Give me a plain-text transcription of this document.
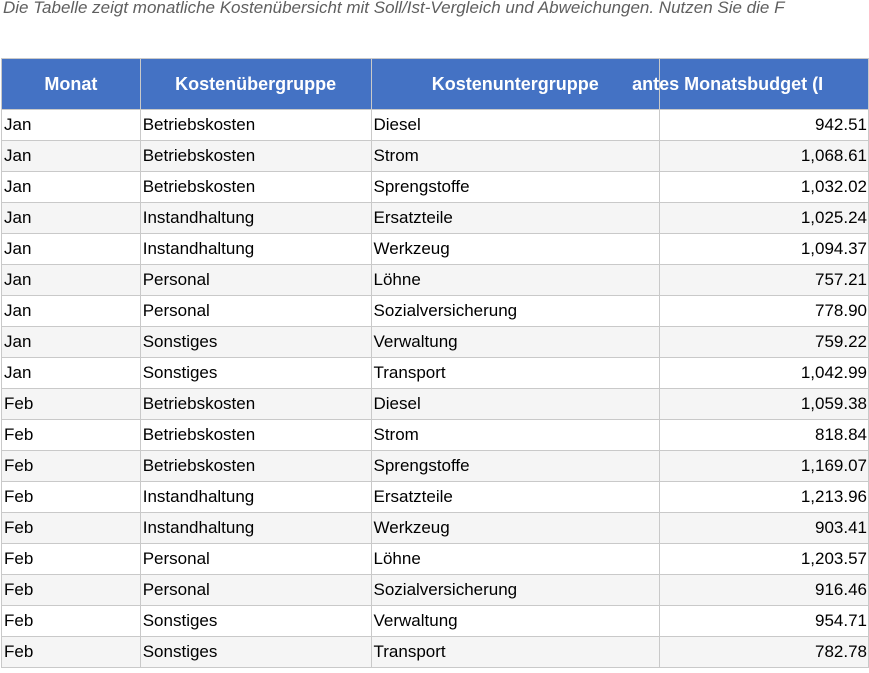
Die Tabelle zeigt monatliche Kostenübersicht mit Soll/Ist-Vergleich und Abweichungen. Nutzen Sie die F
Monat	Kostenübergruppe	Kostenuntergruppe	antes Monatsbudget (I
Jan	Betriebskosten	Diesel	942.51
Jan	Betriebskosten	Strom	1,068.61
Jan	Betriebskosten	Sprengstoffe	1,032.02
Jan	Instandhaltung	Ersatzteile	1,025.24
Jan	Instandhaltung	Werkzeug	1,094.37
Jan	Personal	Löhne	757.21
Jan	Personal	Sozialversicherung	778.90
Jan	Sonstiges	Verwaltung	759.22
Jan	Sonstiges	Transport	1,042.99
Feb	Betriebskosten	Diesel	1,059.38
Feb	Betriebskosten	Strom	818.84
Feb	Betriebskosten	Sprengstoffe	1,169.07
Feb	Instandhaltung	Ersatzteile	1,213.96
Feb	Instandhaltung	Werkzeug	903.41
Feb	Personal	Löhne	1,203.57
Feb	Personal	Sozialversicherung	916.46
Feb	Sonstiges	Verwaltung	954.71
Feb	Sonstiges	Transport	782.78
